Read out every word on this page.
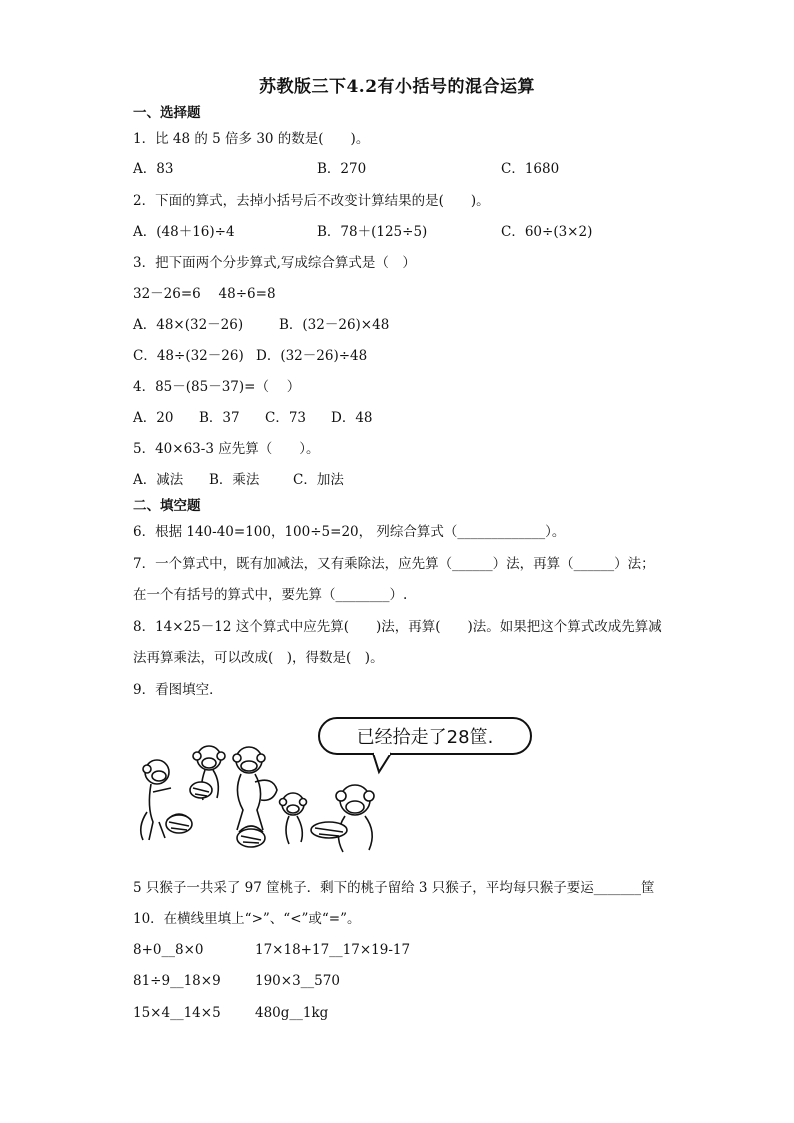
苏教版三下4.2有小括号的混合运算
一、选择题
1．比 48 的 5 倍多 30 的数是(　　)。
A．83	B．270	C．1680
2．下面的算式，去掉小括号后不改变计算结果的是(　　)。
A．(48＋16)÷4	B．78＋(125÷5)	C．60÷(3×2)
3．把下面两个分步算式,写成综合算式是（　）
32－26=6　 48÷6=8
A．48×(32－26)	B．(32－26)×48
C．48÷(32－26) D．(32－26)÷48
4．85－(85－37)=（　 ）
A．20 B．37 C．73 D．48
5．40×63-3 应先算（　　）。
A．减法 B．乘法 C．加法
二、填空题
6．根据 140-40=100，100÷5=20， 列综合算式（_____________）。
7．一个算式中，既有加减法，又有乘除法，应先算（______）法，再算（______）法；
在一个有括号的算式中，要先算（________）.
8．14×25－12 这个算式中应先算(　　)法，再算(　　)法。如果把这个算式改成先算减
法再算乘法，可以改成(　)，得数是(　)。
9．看图填空．
已经拾走了28筐.
5 只猴子一共采了 97 筐桃子．剩下的桃子留给 3 只猴子，平均每只猴子要运_______筐
10．在横线里填上“>”、“<”或“=”。
8+0__8×0	17×18+17__17×19-17
81÷9__18×9	190×3__570
15×4__14×5	480g__1kg
